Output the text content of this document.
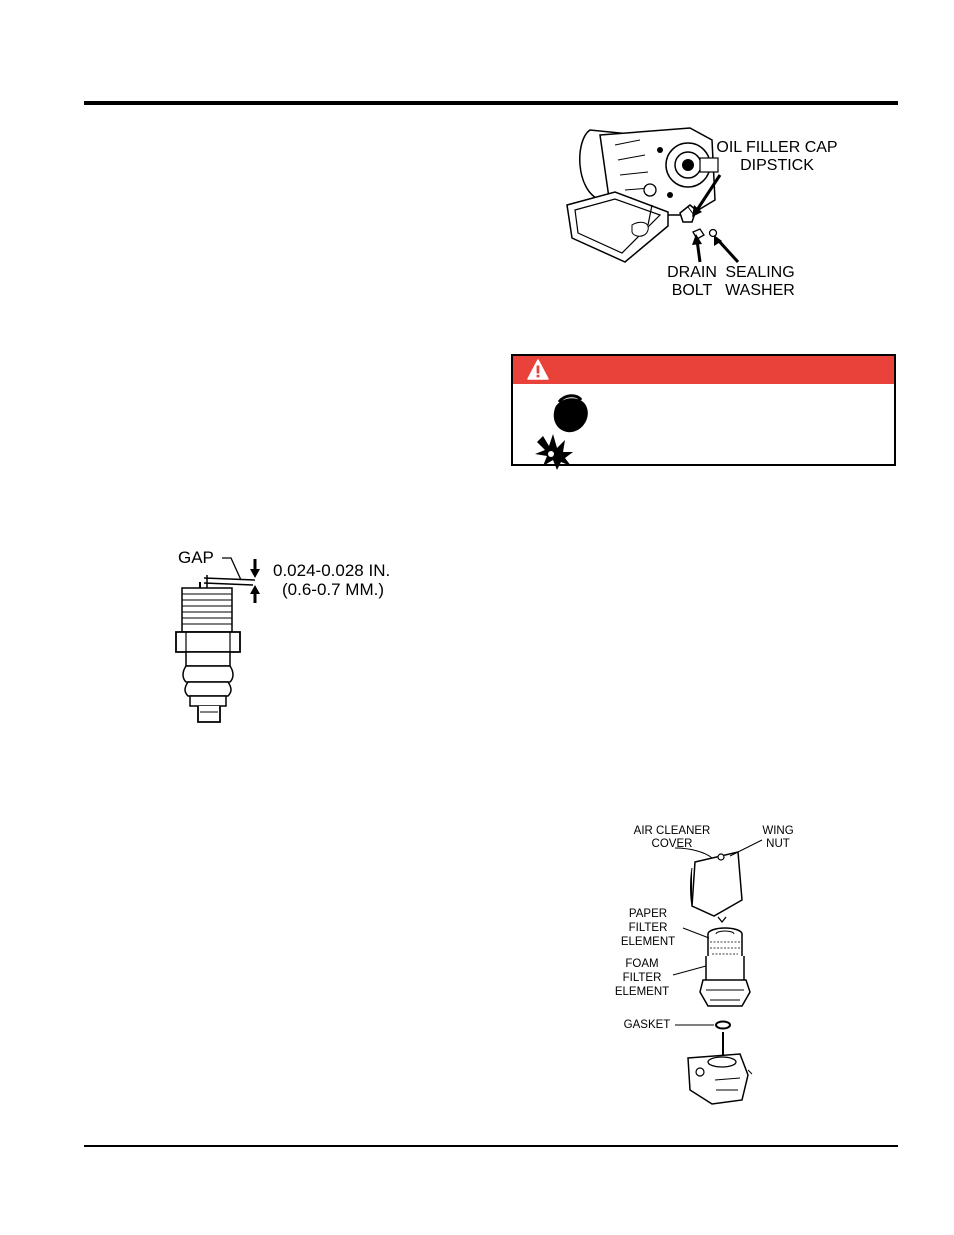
OIL FILLER CAP
DIPSTICK
DRAIN
BOLT
SEALING
WASHER
GAP
0.024-0.028 IN.
(0.6-0.7 MM.)
AIR CLEANER
COVER
WING
NUT
PAPER
FILTER
ELEMENT
FOAM
FILTER
ELEMENT
GASKET
